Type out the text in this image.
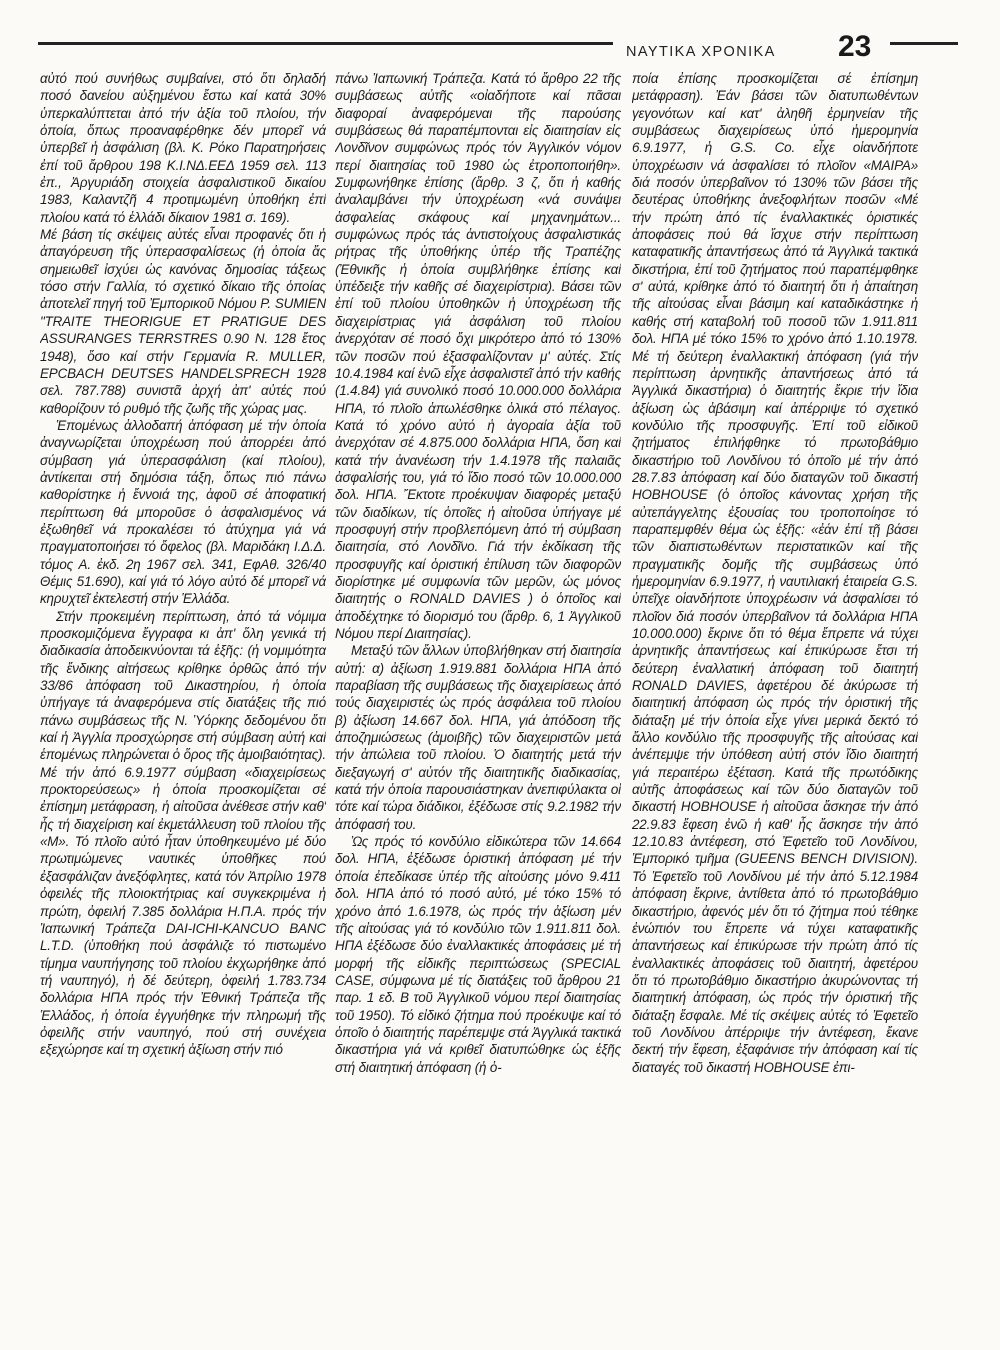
ΝΑΥΤΙΚΑ ΧΡΟΝΙΚΑ 23

αὐτό πού συνήθως συμβαίνει, στό ὅτι δηλαδή ποσό δανείου αὐξημένου ἔστω καί κατά 30% ὑπερκαλύπτεται ἀπό τήν ἀξία τοῦ πλοίου, τήν ὁποία, ὅπως προαναφέρθηκε δέν μπορεῖ νά ὑπερβεῖ ἡ ἀσφάλιση (βλ. Κ. Ρόκο Παρατηρήσεις ἐπί τοῦ ἄρθρου 198 Κ.Ι.ΝΔ.ΕΕΔ 1959 σελ. 113 ἐπ., Ἀργυριάδη στοιχεία ἀσφαλιστικοῦ δικαίου 1983, Καλαντζῆ 4 προτιμωμένη ὑποθήκη ἐπί πλοίου κατά τό ἑλλάδι δίκαιον 1981 σ. 169).

Μέ βάση τίς σκέψεις αὐτές εἶναι προφανές ὅτι ἡ ἀπαγόρευση τῆς ὑπερασφαλίσεως (ἡ ὁποία ἄς σημειωθεῖ ἰσχύει ὡς κανόνας δημοσίας τάξεως τόσο στήν Γαλλία, τό σχετικό δίκαιο τῆς ὁποίας ἀποτελεῖ πηγή τοῦ Ἐμπορικοῦ Νόμου P. SUMIEN "TRAITE THEORIGUE ET PRATIGUE DES ASSURANGES TERRSTRES 0.90 N. 128 ἔτος 1948), ὅσο καί στήν Γερμανία R. MULLER, EPCBACH DEUTSES HANDELSPRECH 1928 σελ. 787.788) συνιστᾶ ἀρχή ἀπ' αὐτές πού καθορίζουν τό ρυθμό τῆς ζωῆς τῆς χώρας μας.

Ἑπομένως ἀλλοδαπή ἀπόφαση μέ τήν ὁποία ἀναγνωρίζεται ὑποχρέωση πού ἀπορρέει ἀπό σύμβαση γιά ὑπερασφάλιση (καί πλοίου), ἀντίκειται στή δημόσια τάξη, ὅπως πιό πάνω καθορίστηκε ἡ ἔννοιά της, ἀφοῦ σέ ἀποφατική περίπτωση θά μποροῦσε ὁ ἀσφαλισμένος νά ἐξωθηθεῖ νά προκαλέσει τό ἀτύχημα γιά νά πραγματοποιήσει τό ὄφελος (βλ. Μαριδάκη Ι.Δ.Δ. τόμος Α. ἐκδ. 2η 1967 σελ. 341, ΕφΑθ. 326/40 Θέμις 51.690), καί γιά τό λόγο αὐτό δέ μπορεῖ νά κηρυχτεῖ ἐκτελεστή στήν Ἑλλάδα.

Στήν προκειμένη περίπτωση, ἀπό τά νόμιμα προσκομιζόμενα ἔγγραφα κι ἀπ' ὅλη γενικά τή διαδικασία ἀποδεικνύονται τά ἑξῆς: (ἡ νομιμότητα τῆς ἔνδικης αἰτήσεως κρίθηκε ὀρθῶς ἀπό τήν 33/86 ἀπόφαση τοῦ Δικαστηρίου, ἡ ὁποία ὑπήγαγε τά ἀναφερόμενα στίς διατάξεις τῆς πιό πάνω συμβάσεως τῆς Ν. Ὑόρκης δεδομένου ὅτι καί ἡ Ἀγγλία προσχώρησε στή σύμβαση αὐτή καί ἑπομένως πληρώνεται ὁ ὅρος τῆς ἀμοιβαιότητας). Μέ τήν ἀπό 6.9.1977 σύμβαση «διαχειρίσεως προκτορεύσεως» ἡ ὁποία προσκομίζεται σέ ἐπίσημη μετάφραση, ἡ αἰτοῦσα ἀνέθεσε στήν καθ' ἧς τή διαχείριση καί ἐκμετάλλευση τοῦ πλοίου τῆς «Μ». Τό πλοῖο αὐτό ἦταν ὑποθηκευμένο μέ δύο πρωτιμώμενες ναυτικές ὑποθῆκες πού ἐξασφάλιζαν ἀνεξόφλητες, κατά τόν Ἀπρίλιο 1978 ὀφειλές τῆς πλοιοκτήτριας καί συγκεκριμένα ἡ πρώτη, ὀφειλή 7.385 δολλάρια Η.Π.Α. πρός τήν Ἰαπωνική Τράπεζα DAI-ICHI-KANCUO BANC L.T.D. (ὑποθήκη πού ἀσφάλιζε τό πιστωμένο τίμημα ναυπήγησης τοῦ πλοίου ἐκχωρήθηκε ἀπό τή ναυπηγό), ἡ δέ δεύτερη, ὀφειλή 1.783.734 δολλάρια ΗΠΑ πρός τήν Ἐθνική Τράπεζα τῆς Ἑλλάδος, ἡ ὁποία ἐγγυήθηκε τήν πληρωμή τῆς ὀφειλῆς στήν ναυπηγό, πού στή συνέχεια εξεχώρησε καί τη σχετική ἀξίωση στήν πιό

πάνω Ἰαπωνική Τράπεζα. Κατά τό ἄρθρο 22 τῆς συμβάσεως αὐτῆς «οἰαδήποτε καί πᾶσαι διαφοραί ἀναφερόμεναι τῆς παρούσης συμβάσεως θά παραπέμπονται εἰς διαιτησίαν εἰς Λονδῖνον συμφώνως πρός τόν Ἀγγλικόν νόμον περί διαιτησίας τοῦ 1980 ὡς ἐτροποποιήθη». Συμφωνήθηκε ἐπίσης (ἄρθρ. 3 ζ, ὅτι ἡ καθής ἀναλαμβάνει τήν ὑποχρέωση «νά συνάψει ἀσφαλείας σκάφους καί μηχανημάτων... συμφώνως πρός τάς ἀντιστοίχους ἀσφαλιστικάς ρήτρας τῆς ὑποθήκης ὑπέρ τῆς Τραπέζης (Ἐθνικῆς ἡ ὁποία συμβλήθηκε ἐπίσης καί ὑπέδειξε τήν καθῆς σέ διαχειρίστρια). Βάσει τῶν ἐπί τοῦ πλοίου ὑποθηκῶν ἡ ὑποχρέωση τῆς διαχειρίστριας γιά ἀσφάλιση τοῦ πλοίου ἀνερχόταν σέ ποσό ὄχι μικρότερο ἀπό τό 130% τῶν ποσῶν πού ἐξασφαλίζονταν μ' αὐτές. Στίς 10.4.1984 καί ἐνῶ εἶχε ἀσφαλιστεῖ ἀπό τήν καθής (1.4.84) γιά συνολικό ποσό 10.000.000 δολλάρια ΗΠΑ, τό πλοῖο ἀπωλέσθηκε ὁλικά στό πέλαγος. Κατά τό χρόνο αὐτό ἡ ἀγοραία ἀξία τοῦ ἀνερχόταν σέ 4.875.000 δολλάρια ΗΠΑ, ὅση καί κατά τήν ἀνανέωση τήν 1.4.1978 τῆς παλαιᾶς ἀσφαλίσής του, γιά τό ἴδιο ποσό τῶν 10.000.000 δολ. ΗΠΑ. Ἔκτοτε προέκυψαν διαφορές μεταξύ τῶν διαδίκων, τίς ὁποῖες ἡ αἰτοῦσα ὑπήγαγε μέ προσφυγή στήν προβλεπόμενη ἀπό τή σύμβαση διαιτησία, στό Λονδῖνο. Γιά τήν ἐκδίκαση τῆς προσφυγῆς καί ὁριστική ἐπίλυση τῶν διαφορῶν διορίστηκε μέ συμφωνία τῶν μερῶν, ὡς μόνος διαιτητής ο RONALD DAVIES ) ὁ ὁποῖος καί ἀποδέχτηκε τό διορισμό του (ἄρθρ. 6, 1 Ἀγγλικοῦ Νόμου περί Διαιτησίας).

Μεταξύ τῶν ἄλλων ὑποβλήθηκαν στή διαιτησία αὐτή: α) ἀξίωση 1.919.881 δολλάρια ΗΠΑ ἀπό παραβίαση τῆς συμβάσεως τῆς διαχειρίσεως ἀπό τούς διαχειριστές ὡς πρός ἀσφάλεια τοῦ πλοίου β) ἀξίωση 14.667 δολ. ΗΠΑ, γιά ἀπόδοση τῆς ἀποζημιώσεως (ἀμοιβῆς) τῶν διαχειριστῶν μετά τήν ἀπώλεια τοῦ πλοίου. Ὁ διαιτητής μετά τήν διεξαγωγή σ' αὐτόν τῆς διαιτητικῆς διαδικασίας, κατά τήν ὁποία παρουσιάστηκαν ἀνεπιφύλακτα οἱ τότε καί τώρα διάδικοι, ἐξέδωσε στίς 9.2.1982 τήν ἀπόφασή του.

Ὡς πρός τό κονδύλιο εἰδικώτερα τῶν 14.664 δολ. ΗΠΑ, ἐξέδωσε ὁριστική ἀπόφαση μέ τήν ὁποία ἐπεδίκασε ὑπέρ τῆς αἰτούσης μόνο 9.411 δολ. ΗΠΑ ἀπό τό ποσό αὐτό, μέ τόκο 15% τό χρόνο ἀπό 1.6.1978, ὡς πρός τήν ἀξίωση μέν τῆς αἰτούσας γιά τό κονδύλιο τῶν 1.911.811 δολ. ΗΠΑ ἐξέδωσε δύο ἐναλλακτικές ἀποφάσεις μέ τή μορφή τῆς εἰδικῆς περιπτώσεως (SPECIAL CASE, σύμφωνα μέ τίς διατάξεις τοῦ ἄρθρου 21 παρ. 1 εδ. Β τοῦ Ἀγγλικοῦ νόμου περί διαιτησίας τοῦ 1950). Τό εἰδικό ζήτημα πού προέκυψε καί τό ὁποῖο ὁ διαιτητής παρέπεμψε στά Ἀγγλικά τακτικά δικαστήρια γιά νά κριθεῖ διατυπώθηκε ὡς ἑξῆς στή διαιτητική ἀπόφαση (ἡ ὁ-

ποία ἐπίσης προσκομίζεται σέ ἐπίσημη μετάφραση). Ἐάν βάσει τῶν διατυπωθέντων γεγονότων καί κατ' ἀληθῆ ἑρμηνείαν τῆς συμβάσεως διαχειρίσεως ὑπό ἡμερομηνία 6.9.1977, ἡ G.S. Co. εἶχε οἱανδήποτε ὑποχρέωσιν νά ἀσφαλίσει τό πλοῖον «ΜΑΙΡΑ» διά ποσόν ὑπερβαῖνον τό 130% τῶν βάσει τῆς δευτέρας ὑποθήκης ἀνεξοφλήτων ποσῶν «Μέ τήν πρώτη ἀπό τίς ἐναλλακτικές ὁριστικές ἀποφάσεις πού θά ἴσχυε στήν περίπτωση καταφατικῆς ἀπαντήσεως ἀπό τά Ἀγγλικά τακτικά δικστήρια, ἐπί τοῦ ζητήματος πού παραπέμφθηκε σ' αὐτά, κρίθηκε ἀπό τό διαιτητή ὅτι ἡ ἀπαίτηση τῆς αἰτούσας εἶναι βάσιμη καί καταδικάστηκε ἡ καθής στή καταβολή τοῦ ποσοῦ τῶν 1.911.811 δολ. ΗΠΑ μέ τόκο 15% το χρόνο ἀπό 1.10.1978. Μέ τή δεύτερη ἐναλλακτική ἀπόφαση (γιά τήν περίπτωση ἀρνητικῆς ἀπαντήσεως ἀπό τά Ἀγγλικά δικαστήρια) ὁ διαιτητής ἔκριε τήν ἴδια ἀξίωση ὡς ἀβάσιμη καί ἀπέρριψε τό σχετικό κονδύλιο τῆς προσφυγῆς. Ἐπί τοῦ εἰδικοῦ ζητήματος ἐπιλήφθηκε τό πρωτοβάθμιο δικαστήριο τοῦ Λονδίνου τό ὁποῖο μέ τήν ἀπό 28.7.83 ἀπόφαση καί δύο διαταγῶν τοῦ δικαστή HOBHOUSE (ὁ ὁποῖος κάνοντας χρήση τῆς αὐτεπάγγελτης ἐξουσίας του τροποποίησε τό παραπεμφθέν θέμα ὡς ἑξῆς: «ἐάν ἐπί τῇ βάσει τῶν διαπιστωθέντων περιστατικῶν καί τῆς πραγματικῆς δομῆς τῆς συμβάσεως ὑπό ἡμερομηνίαν 6.9.1977, ἡ ναυτιλιακή ἑταιρεία G.S. ὑπεῖχε οἱανδήποτε ὑποχρέωσιν νά ἀσφαλίσει τό πλοῖον διά ποσόν ὑπερβαῖνον τά δολλάρια ΗΠΑ 10.000.000) ἔκρινε ὅτι τό θέμα ἔπρεπε νά τύχει ἀρνητικῆς ἀπαντήσεως καί ἐπικύρωσε ἔτσι τή δεύτερη ἐναλλατική ἀπόφαση τοῦ διαιτητή RONALD DAVIES, ἀφετέρου δέ ἀκύρωσε τή διαιτητική ἀπόφαση ὡς πρός τήν ὁριστική τῆς διάταξη μέ τήν ὁποία εἶχε γίνει μερικά δεκτό τό ἄλλο κονδύλιο τῆς προσφυγῆς τῆς αἰτούσας καί ἀνέπεμψε τήν ὑπόθεση αὐτή στόν ἴδιο διαιτητή γιά περαιτέρω ἐξέταση. Κατά τῆς πρωτόδικης αὐτῆς ἀποφάσεως καί τῶν δύο διαταγῶν τοῦ δικαστή HOBHOUSE ἡ αἰτοῦσα ἄσκησε τήν ἀπό 22.9.83 ἔφεση ἐνῶ ἡ καθ' ἧς ἄσκησε τήν ἀπό 12.10.83 ἀντέφεση, στό Ἐφετεῖο τοῦ Λονδίνου, Ἐμπορικό τμῆμα (GUEENS BENCH DIVISION). Τό Ἐφετεῖο τοῦ Λονδίνου μέ τήν ἀπό 5.12.1984 ἀπόφαση ἔκρινε, ἀντίθετα ἀπό τό πρωτοβάθμιο δικαστήριο, ἀφενός μέν ὅτι τό ζήτημα πού τέθηκε ἐνώπιόν του ἔπρεπε νά τύχει καταφατικῆς ἀπαντήσεως καί ἐπικύρωσε τήν πρώτη ἀπό τίς ἐναλλακτικές ἀποφάσεις τοῦ διαιτητή, ἀφετέρου ὅτι τό πρωτοβάθμιο δικαστήριο ἀκυρώνοντας τή διαιτητική ἀπόφαση, ὡς πρός τήν ὁριστική τῆς διάταξη ἔσφαλε. Μέ τίς σκέψεις αὐτές τό Ἐφετεῖο τοῦ Λονδίνου ἀπέρριψε τήν ἀντέφεση, ἔκανε δεκτή τήν ἔφεση, ἐξαφάνισε τήν ἀπόφαση καί τίς διαταγές τοῦ δικαστή HOBHOUSE ἐπι-
